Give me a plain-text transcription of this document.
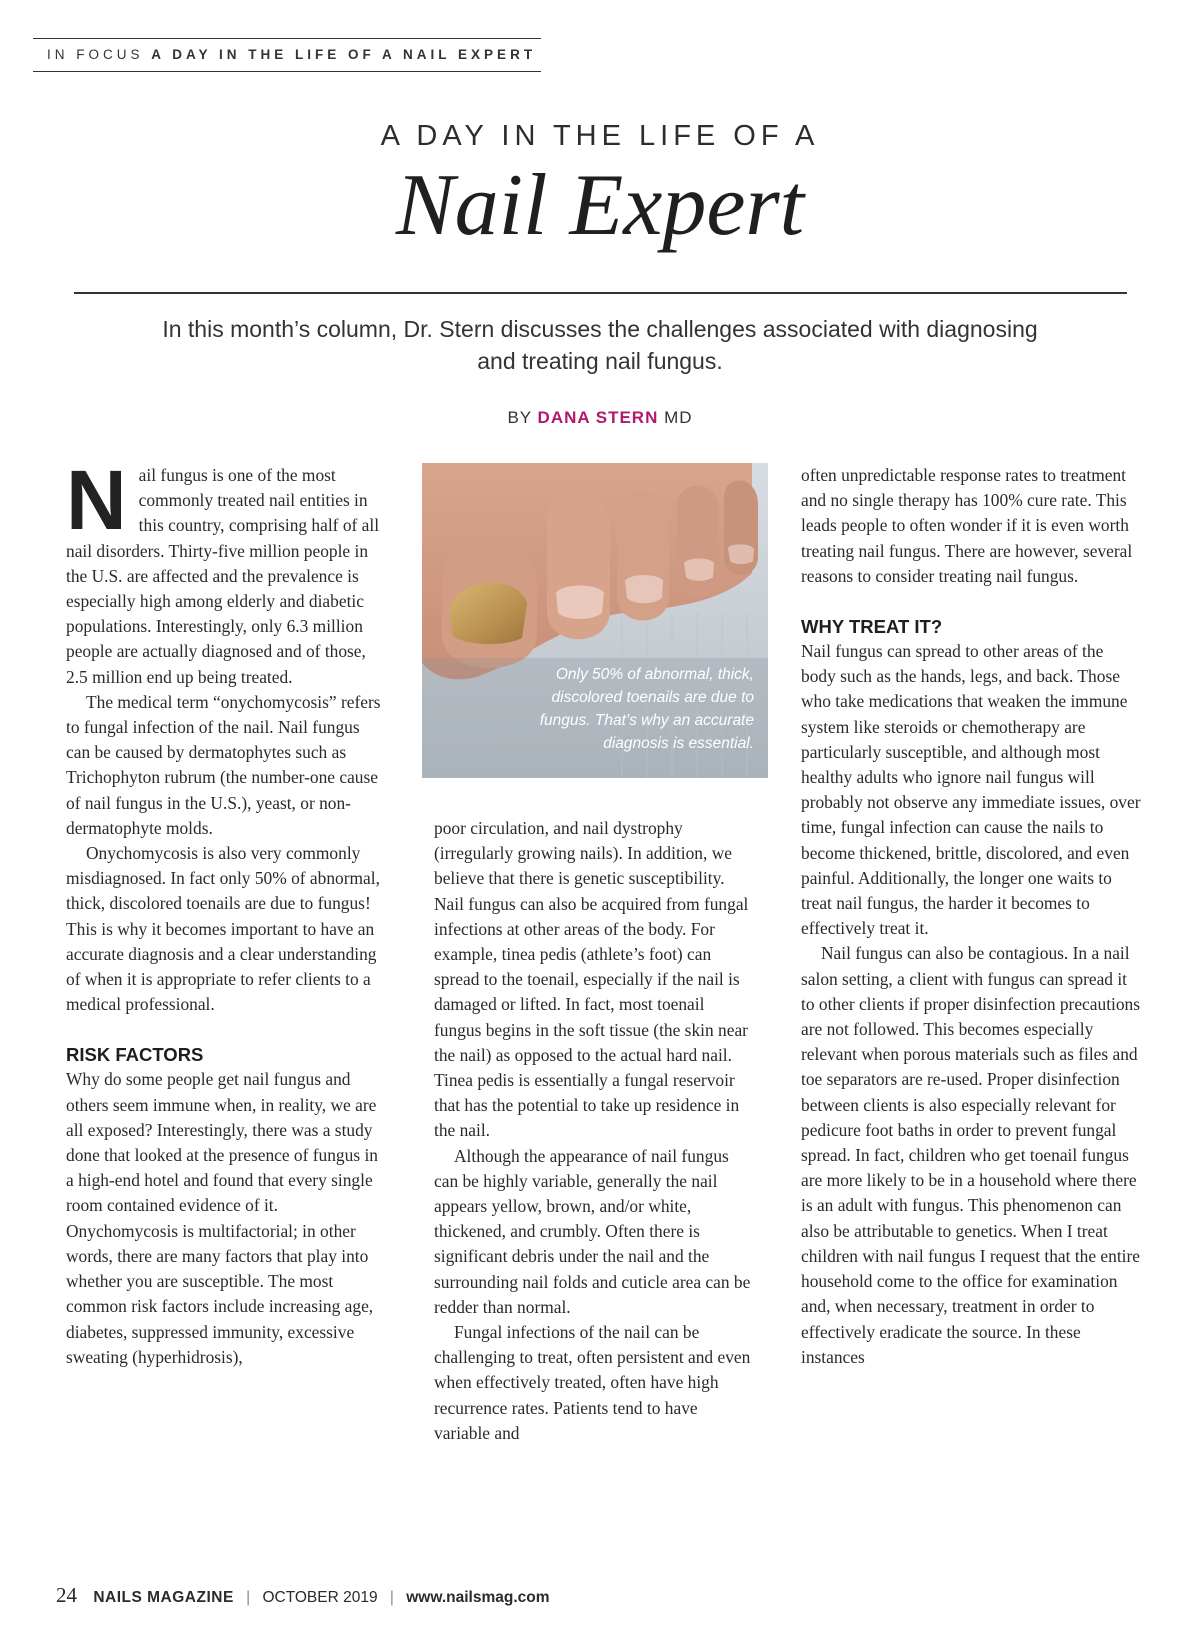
IN FOCUS A DAY IN THE LIFE OF A NAIL EXPERT
A DAY IN THE LIFE OF A
Nail Expert
In this month’s column, Dr. Stern discusses the challenges associated with diagnosing and treating nail fungus.
BY DANA STERN MD

Nail fungus is one of the most commonly treated nail entities in this country, comprising half of all nail disorders. Thirty-five million people in the U.S. are affected and the prevalence is especially high among elderly and diabetic populations. Interestingly, only 6.3 million people are actually diagnosed and of those, 2.5 million end up being treated.

The medical term “onychomycosis” refers to fungal infection of the nail. Nail fungus can be caused by dermatophytes such as Trichophyton rubrum (the number-one cause of nail fungus in the U.S.), yeast, or non-dermatophyte molds.

Onychomycosis is also very commonly misdiagnosed. In fact only 50% of abnormal, thick, discolored toenails are due to fungus! This is why it becomes important to have an accurate diagnosis and a clear understanding of when it is appropriate to refer clients to a medical professional.

RISK FACTORS

Why do some people get nail fungus and others seem immune when, in reality, we are all exposed? Interestingly, there was a study done that looked at the presence of fungus in a high-end hotel and found that every single room contained evidence of it. Onychomycosis is multifactorial; in other words, there are many factors that play into whether you are susceptible. The most common risk factors include increasing age, diabetes, suppressed immunity, excessive sweating (hyperhidrosis),

Only 50% of abnormal, thick, discolored toenails are due to fungus. That’s why an accurate diagnosis is essential.

poor circulation, and nail dystrophy (irregularly growing nails). In addition, we believe that there is genetic susceptibility. Nail fungus can also be acquired from fungal infections at other areas of the body. For example, tinea pedis (athlete’s foot) can spread to the toenail, especially if the nail is damaged or lifted. In fact, most toenail fungus begins in the soft tissue (the skin near the nail) as opposed to the actual hard nail. Tinea pedis is essentially a fungal reservoir that has the potential to take up residence in the nail.

Although the appearance of nail fungus can be highly variable, generally the nail appears yellow, brown, and/or white, thickened, and crumbly. Often there is significant debris under the nail and the surrounding nail folds and cuticle area can be redder than normal.

Fungal infections of the nail can be challenging to treat, often persistent and even when effectively treated, often have high recurrence rates. Patients tend to have variable and

often unpredictable response rates to treatment and no single therapy has 100% cure rate. This leads people to often wonder if it is even worth treating nail fungus. There are however, several reasons to consider treating nail fungus.

WHY TREAT IT?

Nail fungus can spread to other areas of the body such as the hands, legs, and back. Those who take medications that weaken the immune system like steroids or chemotherapy are particularly susceptible, and although most healthy adults who ignore nail fungus will probably not observe any immediate issues, over time, fungal infection can cause the nails to become thickened, brittle, discolored, and even painful. Additionally, the longer one waits to treat nail fungus, the harder it becomes to effectively treat it.

Nail fungus can also be contagious. In a nail salon setting, a client with fungus can spread it to other clients if proper disinfection precautions are not followed. This becomes especially relevant when porous materials such as files and toe separators are re-used. Proper disinfection between clients is also especially relevant for pedicure foot baths in order to prevent fungal spread. In fact, children who get toenail fungus are more likely to be in a household where there is an adult with fungus. This phenomenon can also be attributable to genetics. When I treat children with nail fungus I request that the entire household come to the office for examination and, when necessary, treatment in order to effectively eradicate the source. In these instances

24 NAILS MAGAZINE | OCTOBER 2019 | www.nailsmag.com
